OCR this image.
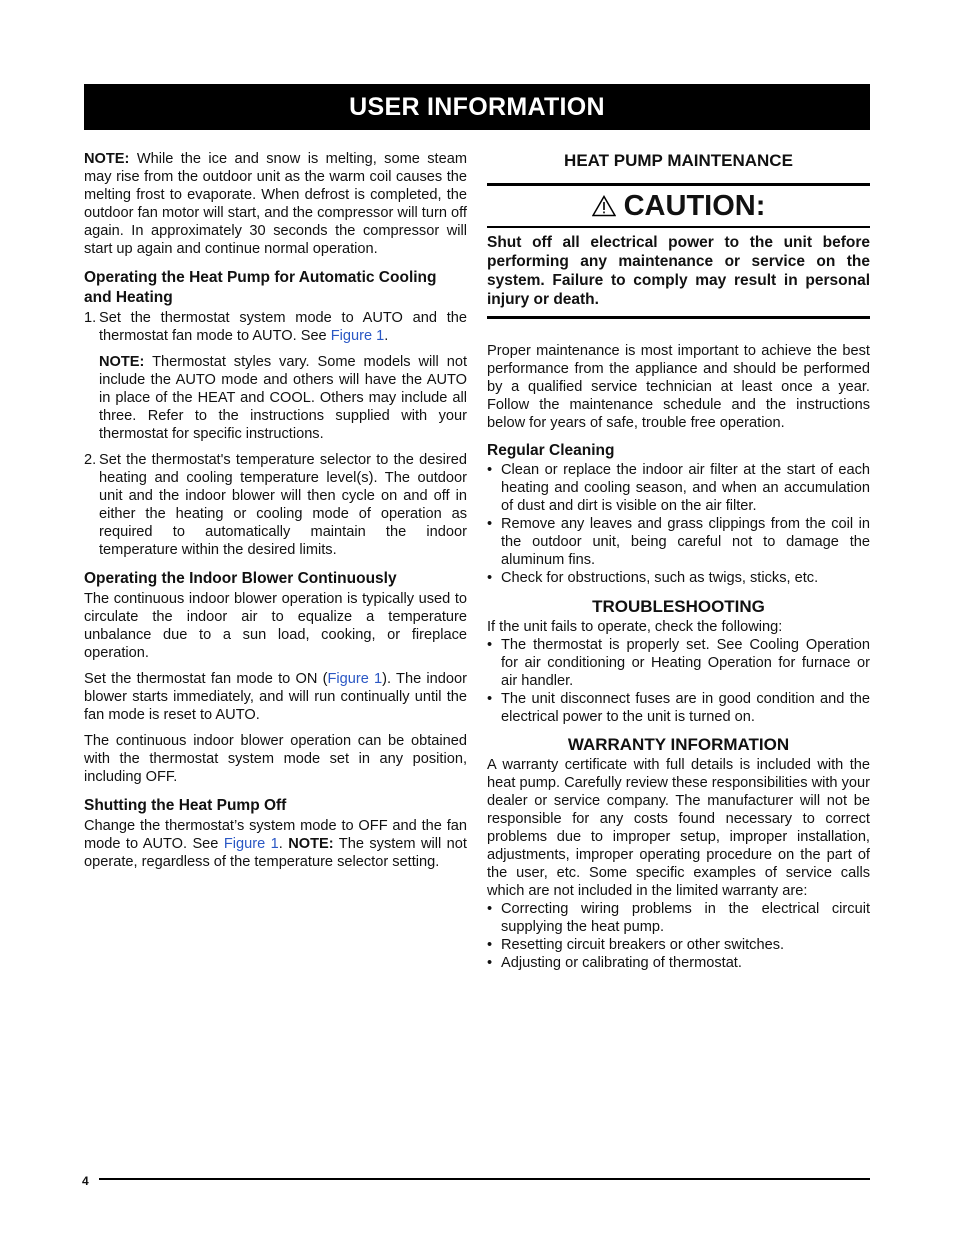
USER INFORMATION

NOTE: While the ice and snow is melting, some steam may rise from the outdoor unit as the warm coil causes the melting frost to evaporate. When defrost is completed, the outdoor fan motor will start, and the compressor will turn off again. In approximately 30 seconds the compressor will start up again and continue normal operation.

Operating the Heat Pump for Automatic Cooling and Heating
1. Set the thermostat system mode to AUTO and the thermostat fan mode to AUTO. See Figure 1.

NOTE: Thermostat styles vary. Some models will not include the AUTO mode and others will have the AUTO in place of the HEAT and COOL. Others may include all three. Refer to the instructions supplied with your thermostat for specific instructions.

2. Set the thermostat's temperature selector to the desired heating and cooling temperature level(s). The outdoor unit and the indoor blower will then cycle on and off in either the heating or cooling mode of operation as required to automatically maintain the indoor temperature within the desired limits.
Operating the Indoor Blower Continuously

The continuous indoor blower operation is typically used to circulate the indoor air to equalize a temperature unbalance due to a sun load, cooking, or fireplace operation.

Set the thermostat fan mode to ON (Figure 1). The indoor blower starts immediately, and will run continually until the fan mode is reset to AUTO.

The continuous indoor blower operation can be obtained with the thermostat system mode set in any position, including OFF.

Shutting the Heat Pump Off

Change the thermostat’s system mode to OFF and the fan mode to AUTO. See Figure 1. NOTE: The system will not operate, regardless of the temperature selector setting.

HEAT PUMP MAINTENANCE
CAUTION:
Shut off all electrical power to the unit before performing any maintenance or service on the system. Failure to comply may result in personal injury or death.

Proper maintenance is most important to achieve the best performance from the appliance and should be performed by a qualified service technician at least once a year. Follow the maintenance schedule and the instructions below for years of safe, trouble free operation.

Regular Cleaning
• Clean or replace the indoor air filter at the start of each heating and cooling season, and when an accumulation of dust and dirt is visible on the air filter.
• Remove any leaves and grass clippings from the coil in the outdoor unit, being careful not to damage the aluminum fins.
• Check for obstructions, such as twigs, sticks, etc.
TROUBLESHOOTING

If the unit fails to operate, check the following:

• The thermostat is properly set. See Cooling Operation for air conditioning or Heating Operation for furnace or air handler.
• The unit disconnect fuses are in good condition and the electrical power to the unit is turned on.
WARRANTY INFORMATION

A warranty certificate with full details is included with the heat pump. Carefully review these responsibilities with your dealer or service company. The manufacturer will not be responsible for any costs found necessary to correct problems due to improper setup, improper installation, adjustments, improper operating procedure on the part of the user, etc. Some specific examples of service calls which are not included in the limited warranty are:

• Correcting wiring problems in the electrical circuit supplying the heat pump.
• Resetting circuit breakers or other switches.
• Adjusting or calibrating of thermostat.
4
